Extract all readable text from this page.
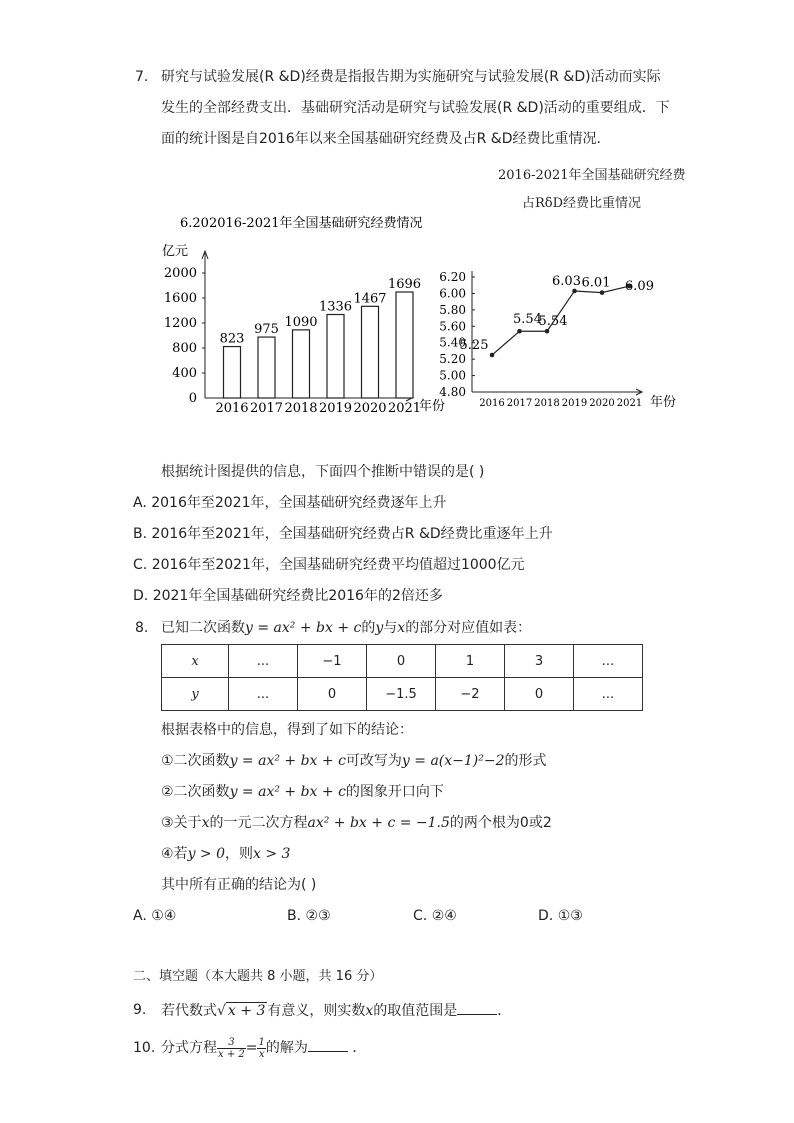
7. 研究与试验发展(R &D)经费是指报告期为实施研究与试验发展(R &D)活动而实际
发生的全部经费支出．基础研究活动是研究与试验发展(R &D)活动的重要组成．下
面的统计图是自2016年以来全国基础研究经费及占R &D经费比重情况．
2016-2021年全国基础研究经费
占RδD经费比重情况
6.202016-2021年全国基础研究经费情况
亿元
年份
2000
1600
1200
800
400
0
823
2016
975
2017
1090
2018
1336
2019
1467
2020
1696
2021	年份
6.20
6.00
5.80
5.60
5.40
5.20
5.00
4.80
5.25
2016
5.54
2017
5.54
2018
6.03
2019
6.01
2020
6.09
2021
根据统计图提供的信息，下面四个推断中错误的是( )
A. 2016年至2021年，全国基础研究经费逐年上升
B. 2016年至2021年，全国基础研究经费占R &D经费比重逐年上升
C. 2016年至2021年，全国基础研究经费平均值超过1000亿元
D. 2021年全国基础研究经费比2016年的2倍还多
8. 已知二次函数y = ax² + bx + c的y与x的部分对应值如表：
x	...	−1	0	1	3	...
y	...	0	−1.5	−2	0	...
根据表格中的信息，得到了如下的结论：
①二次函数y = ax² + bx + c可改写为y = a(x−1)²−2的形式
②二次函数y = ax² + bx + c的图象开口向下
③关于x的一元二次方程ax² + bx + c = −1.5的两个根为0或2
④若y > 0，则x > 3
其中所有正确的结论为( )
A. ①④	B. ②③	C. ②④	D. ①③
二、填空题（本大题共 8 小题，共 16 分）
9. 若代数式√ x + 3 有意义，则实数x的取值范围是	．
10. 分式方程 $\frac{3}{x + 2} = \frac{1}{x}$ 的解为	．
